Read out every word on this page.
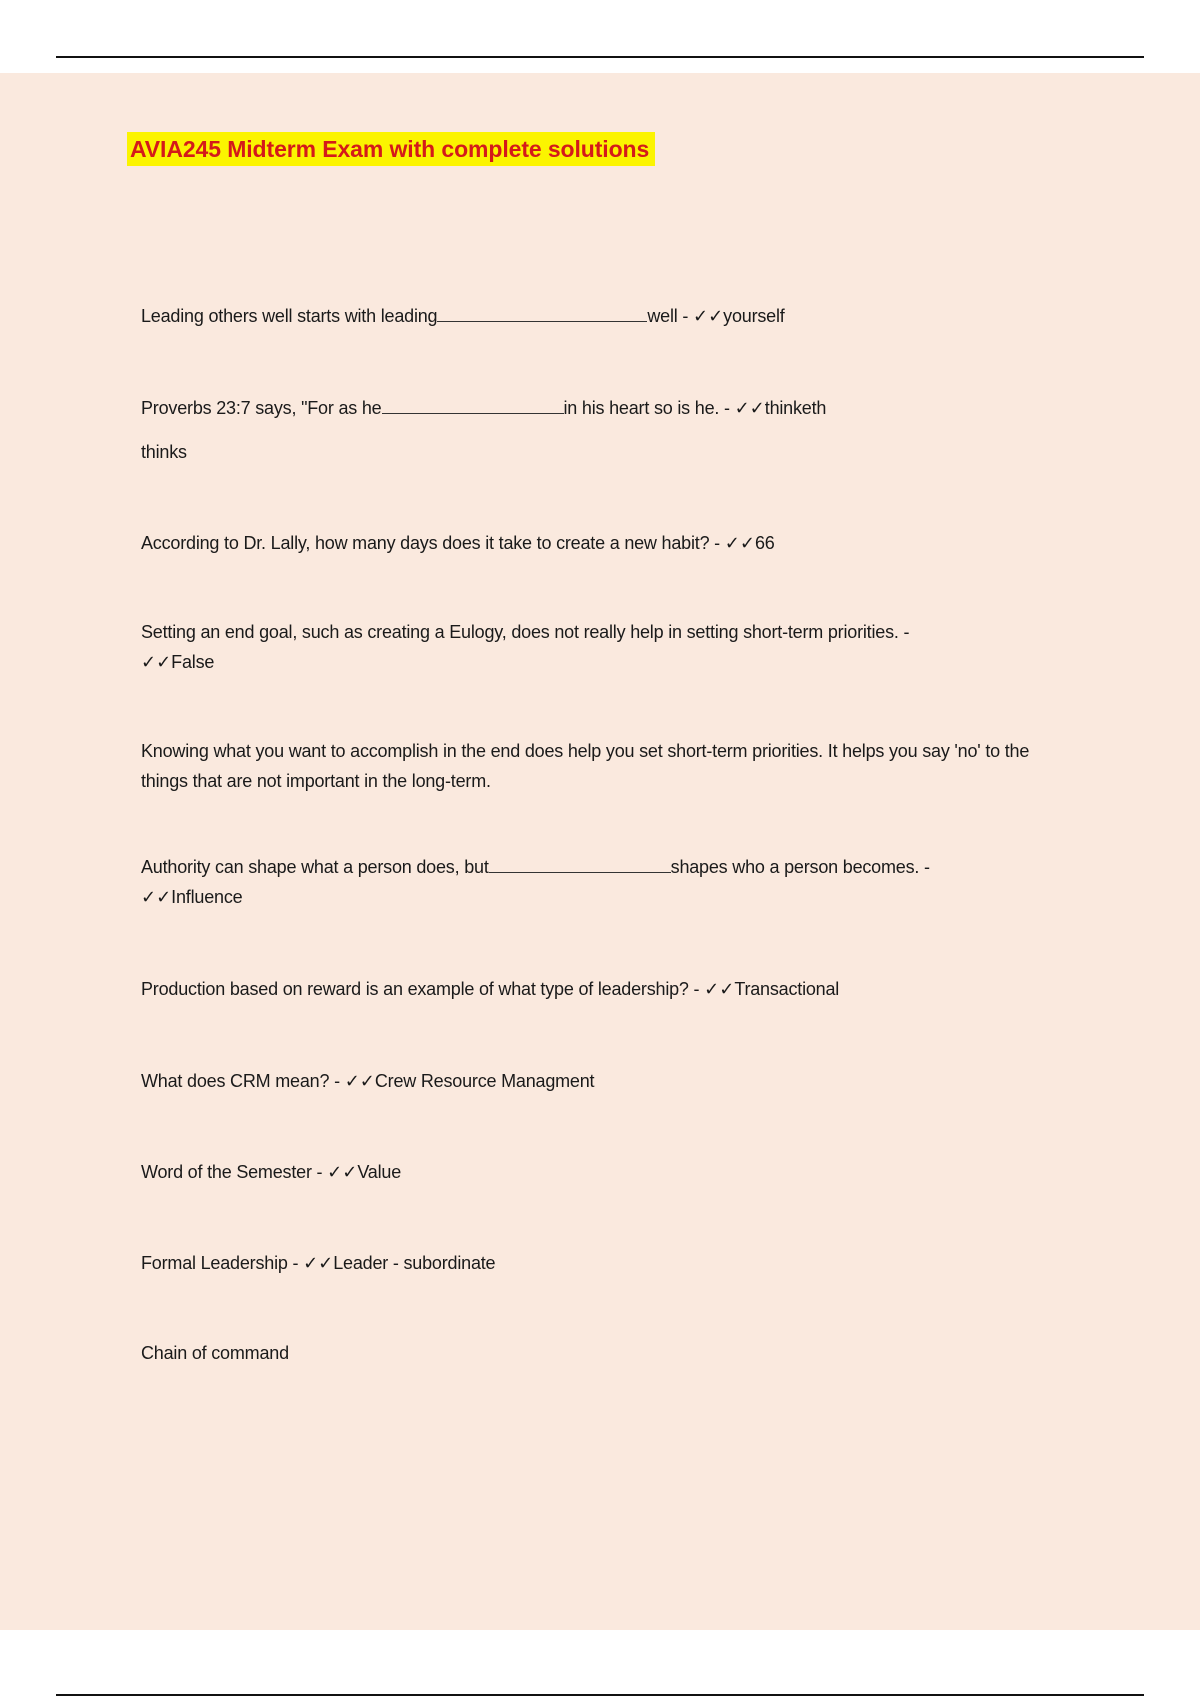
AVIA245 Midterm Exam with complete solutions

Leading others well starts with leading	well - ✓✓yourself

Proverbs 23:7 says, "For as he	in his heart so is he. - ✓✓thinketh

thinks

According to Dr. Lally, how many days does it take to create a new habit? - ✓✓66

Setting an end goal, such as creating a Eulogy, does not really help in setting short-term priorities. -
✓✓False

Knowing what you want to accomplish in the end does help you set short-term priorities. It helps you say 'no' to the things that are not important in the long-term.

Authority can shape what a person does, but	shapes who a person becomes. -
✓✓Influence

Production based on reward is an example of what type of leadership? - ✓✓Transactional

What does CRM mean? - ✓✓Crew Resource Managment

Word of the Semester - ✓✓Value

Formal Leadership - ✓✓Leader - subordinate

Chain of command
